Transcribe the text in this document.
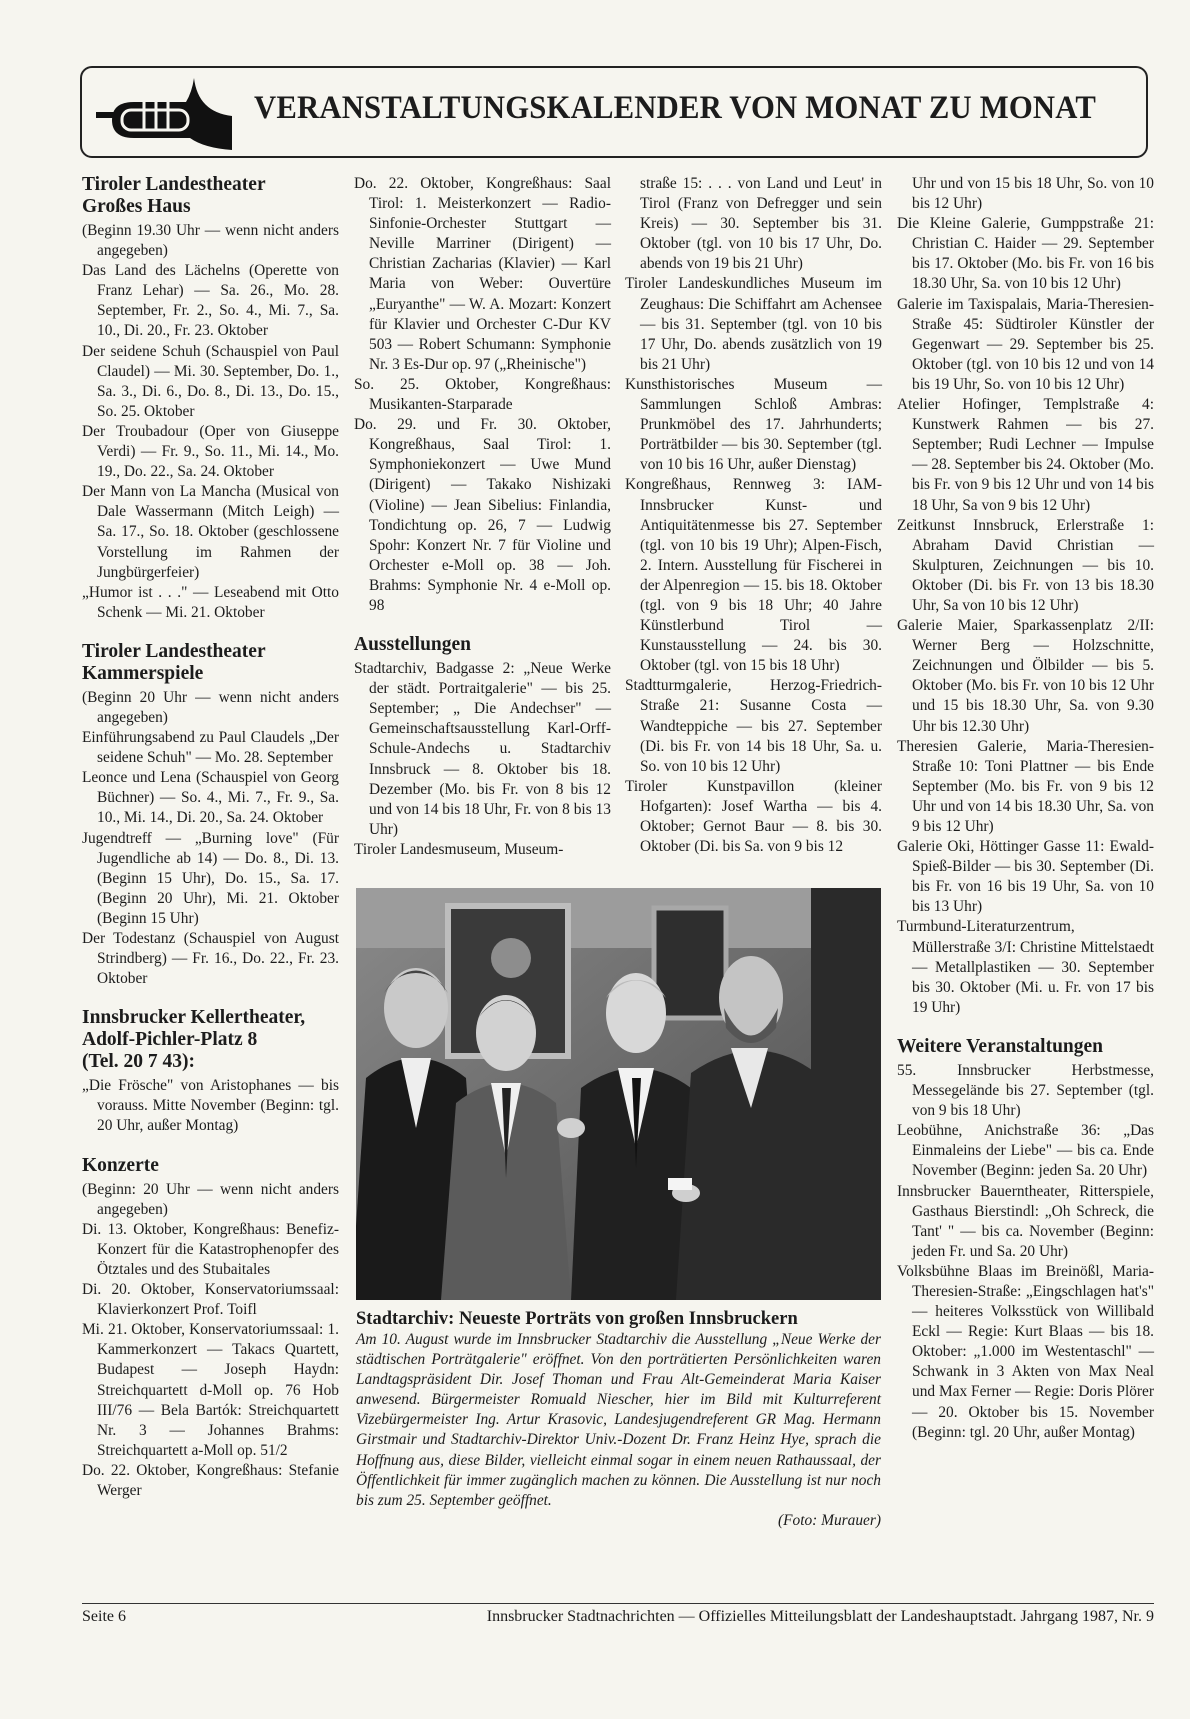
VERANSTALTUNGSKALENDER VON MONAT ZU MONAT
Tiroler Landestheater
Großes Haus

(Beginn 19.30 Uhr — wenn nicht anders angegeben)

Das Land des Lächelns (Operette von Franz Lehar) — Sa. 26., Mo. 28. September, Fr. 2., So. 4., Mi. 7., Sa. 10., Di. 20., Fr. 23. Oktober

Der seidene Schuh (Schauspiel von Paul Claudel) — Mi. 30. September, Do. 1., Sa. 3., Di. 6., Do. 8., Di. 13., Do. 15., So. 25. Oktober

Der Troubadour (Oper von Giuseppe Verdi) — Fr. 9., So. 11., Mi. 14., Mo. 19., Do. 22., Sa. 24. Oktober

Der Mann von La Mancha (Musical von Dale Wassermann (Mitch Leigh) — Sa. 17., So. 18. Oktober (geschlossene Vorstellung im Rahmen der Jungbürgerfeier)

„Humor ist . . ." — Leseabend mit Otto Schenk — Mi. 21. Oktober

Tiroler Landestheater
Kammerspiele

(Beginn 20 Uhr — wenn nicht anders angegeben)

Einführungsabend zu Paul Claudels „Der seidene Schuh" — Mo. 28. September

Leonce und Lena (Schauspiel von Georg Büchner) — So. 4., Mi. 7., Fr. 9., Sa. 10., Mi. 14., Di. 20., Sa. 24. Oktober

Jugendtreff — „Burning love" (Für Jugendliche ab 14) — Do. 8., Di. 13. (Beginn 15 Uhr), Do. 15., Sa. 17. (Beginn 20 Uhr), Mi. 21. Oktober (Beginn 15 Uhr)

Der Todestanz (Schauspiel von August Strindberg) — Fr. 16., Do. 22., Fr. 23. Oktober

Innsbrucker Kellertheater,
Adolf-Pichler-Platz 8
(Tel. 20 7 43):

„Die Frösche" von Aristophanes — bis vorauss. Mitte November (Beginn: tgl. 20 Uhr, außer Montag)

Konzerte

(Beginn: 20 Uhr — wenn nicht anders angegeben)

Di. 13. Oktober, Kongreßhaus: Benefiz-Konzert für die Katastrophenopfer des Ötztales und des Stubaitales

Di. 20. Oktober, Konservatoriumssaal: Klavierkonzert Prof. Toifl

Mi. 21. Oktober, Konservatoriumssaal: 1. Kammerkonzert — Takacs Quartett, Budapest — Joseph Haydn: Streichquartett d-Moll op. 76 Hob III/76 — Bela Bartók: Streichquartett Nr. 3 — Johannes Brahms: Streichquartett a-Moll op. 51/2

Do. 22. Oktober, Kongreßhaus: Stefanie Werger

Do. 22. Oktober, Kongreßhaus: Saal Tirol: 1. Meisterkonzert — Radio-Sinfonie-Orchester Stuttgart — Neville Marriner (Dirigent) — Christian Zacharias (Klavier) — Karl Maria von Weber: Ouvertüre „Euryanthe" — W. A. Mozart: Konzert für Klavier und Orchester C-Dur KV 503 — Robert Schumann: Symphonie Nr. 3 Es-Dur op. 97 („Rheinische")

So. 25. Oktober, Kongreßhaus: Musikanten-Starparade

Do. 29. und Fr. 30. Oktober, Kongreßhaus, Saal Tirol: 1. Symphoniekonzert — Uwe Mund (Dirigent) — Takako Nishizaki (Violine) — Jean Sibelius: Finlandia, Tondichtung op. 26, 7 — Ludwig Spohr: Konzert Nr. 7 für Violine und Orchester e-Moll op. 38 — Joh. Brahms: Symphonie Nr. 4 e-Moll op. 98

Ausstellungen

Stadtarchiv, Badgasse 2: „Neue Werke der städt. Portraitgalerie" — bis 25. September; „ Die Andechser" — Gemeinschaftsausstellung Karl-Orff-Schule-Andechs u. Stadtarchiv Innsbruck — 8. Oktober bis 18. Dezember (Mo. bis Fr. von 8 bis 12 und von 14 bis 18 Uhr, Fr. von 8 bis 13 Uhr)

Tiroler Landesmuseum, Museum-

straße 15: . . . von Land und Leut' in Tirol (Franz von Defregger und sein Kreis) — 30. September bis 31. Oktober (tgl. von 10 bis 17 Uhr, Do. abends von 19 bis 21 Uhr)

Tiroler Landeskundliches Museum im Zeughaus: Die Schiffahrt am Achensee — bis 31. September (tgl. von 10 bis 17 Uhr, Do. abends zusätzlich von 19 bis 21 Uhr)

Kunsthistorisches Museum — Sammlungen Schloß Ambras: Prunkmöbel des 17. Jahrhunderts; Porträtbilder — bis 30. September (tgl. von 10 bis 16 Uhr, außer Dienstag)

Kongreßhaus, Rennweg 3: IAM-Innsbrucker Kunst- und Antiquitätenmesse bis 27. September (tgl. von 10 bis 19 Uhr); Alpen-Fisch, 2. Intern. Ausstellung für Fischerei in der Alpenregion — 15. bis 18. Oktober (tgl. von 9 bis 18 Uhr; 40 Jahre Künstlerbund Tirol — Kunstausstellung — 24. bis 30. Oktober (tgl. von 15 bis 18 Uhr)

Stadtturmgalerie, Herzog-Friedrich-Straße 21: Susanne Costa — Wandteppiche — bis 27. September (Di. bis Fr. von 14 bis 18 Uhr, Sa. u. So. von 10 bis 12 Uhr)

Tiroler Kunstpavillon (kleiner Hofgarten): Josef Wartha — bis 4. Oktober; Gernot Baur — 8. bis 30. Oktober (Di. bis Sa. von 9 bis 12

Uhr und von 15 bis 18 Uhr, So. von 10 bis 12 Uhr)

Die Kleine Galerie, Gumppstraße 21: Christian C. Haider — 29. September bis 17. Oktober (Mo. bis Fr. von 16 bis 18.30 Uhr, Sa. von 10 bis 12 Uhr)

Galerie im Taxispalais, Maria-Theresien-Straße 45: Südtiroler Künstler der Gegenwart — 29. September bis 25. Oktober (tgl. von 10 bis 12 und von 14 bis 19 Uhr, So. von 10 bis 12 Uhr)

Atelier Hofinger, Templstraße 4: Kunstwerk Rahmen — bis 27. September; Rudi Lechner — Impulse — 28. September bis 24. Oktober (Mo. bis Fr. von 9 bis 12 Uhr und von 14 bis 18 Uhr, Sa von 9 bis 12 Uhr)

Zeitkunst Innsbruck, Erlerstraße 1: Abraham David Christian — Skulpturen, Zeichnungen — bis 10. Oktober (Di. bis Fr. von 13 bis 18.30 Uhr, Sa von 10 bis 12 Uhr)

Galerie Maier, Sparkassenplatz 2/II: Werner Berg — Holzschnitte, Zeichnungen und Ölbilder — bis 5. Oktober (Mo. bis Fr. von 10 bis 12 Uhr und 15 bis 18.30 Uhr, Sa. von 9.30 Uhr bis 12.30 Uhr)

Theresien Galerie, Maria-Theresien-Straße 10: Toni Plattner — bis Ende September (Mo. bis Fr. von 9 bis 12 Uhr und von 14 bis 18.30 Uhr, Sa. von 9 bis 12 Uhr)

Galerie Oki, Höttinger Gasse 11: Ewald-Spieß-Bilder — bis 30. September (Di. bis Fr. von 16 bis 19 Uhr, Sa. von 10 bis 13 Uhr)

Turmbund-Literaturzentrum, Müllerstraße 3/I: Christine Mittelstaedt — Metallplastiken — 30. September bis 30. Oktober (Mi. u. Fr. von 17 bis 19 Uhr)

Weitere Veranstaltungen

55. Innsbrucker Herbstmesse, Messegelände bis 27. September (tgl. von 9 bis 18 Uhr)

Leobühne, Anichstraße 36: „Das Einmaleins der Liebe" — bis ca. Ende November (Beginn: jeden Sa. 20 Uhr)

Innsbrucker Bauerntheater, Ritterspiele, Gasthaus Bierstindl: „Oh Schreck, die Tant' " — bis ca. November (Beginn: jeden Fr. und Sa. 20 Uhr)

Volksbühne Blaas im Breinößl, Maria-Theresien-Straße: „Eingschlagen hat's" — heiteres Volksstück von Willibald Eckl — Regie: Kurt Blaas — bis 18. Oktober: „1.000 im Westentaschl" — Schwank in 3 Akten von Max Neal und Max Ferner — Regie: Doris Plörer — 20. Oktober bis 15. November (Beginn: tgl. 20 Uhr, außer Montag)

Stadtarchiv: Neueste Porträts von großen Innsbruckern

Am 10. August wurde im Innsbrucker Stadtarchiv die Ausstellung „Neue Werke der städtischen Porträtgalerie" eröffnet. Von den porträtierten Persönlichkeiten waren Landtagspräsident Dir. Josef Thoman und Frau Alt-Gemeinderat Maria Kaiser anwesend. Bürgermeister Romuald Niescher, hier im Bild mit Kulturreferent Vizebürgermeister Ing. Artur Krasovic, Landesjugendreferent GR Mag. Hermann Girstmair und Stadtarchiv-Direktor Univ.-Dozent Dr. Franz Heinz Hye, sprach die Hoffnung aus, diese Bilder, vielleicht einmal sogar in einem neuen Rathaussaal, der Öffentlichkeit für immer zugänglich machen zu können. Die Ausstellung ist nur noch bis zum 25. September geöffnet.

(Foto: Murauer)
Seite 6	Innsbrucker Stadtnachrichten — Offizielles Mitteilungsblatt der Landeshauptstadt. Jahrgang 1987, Nr. 9
